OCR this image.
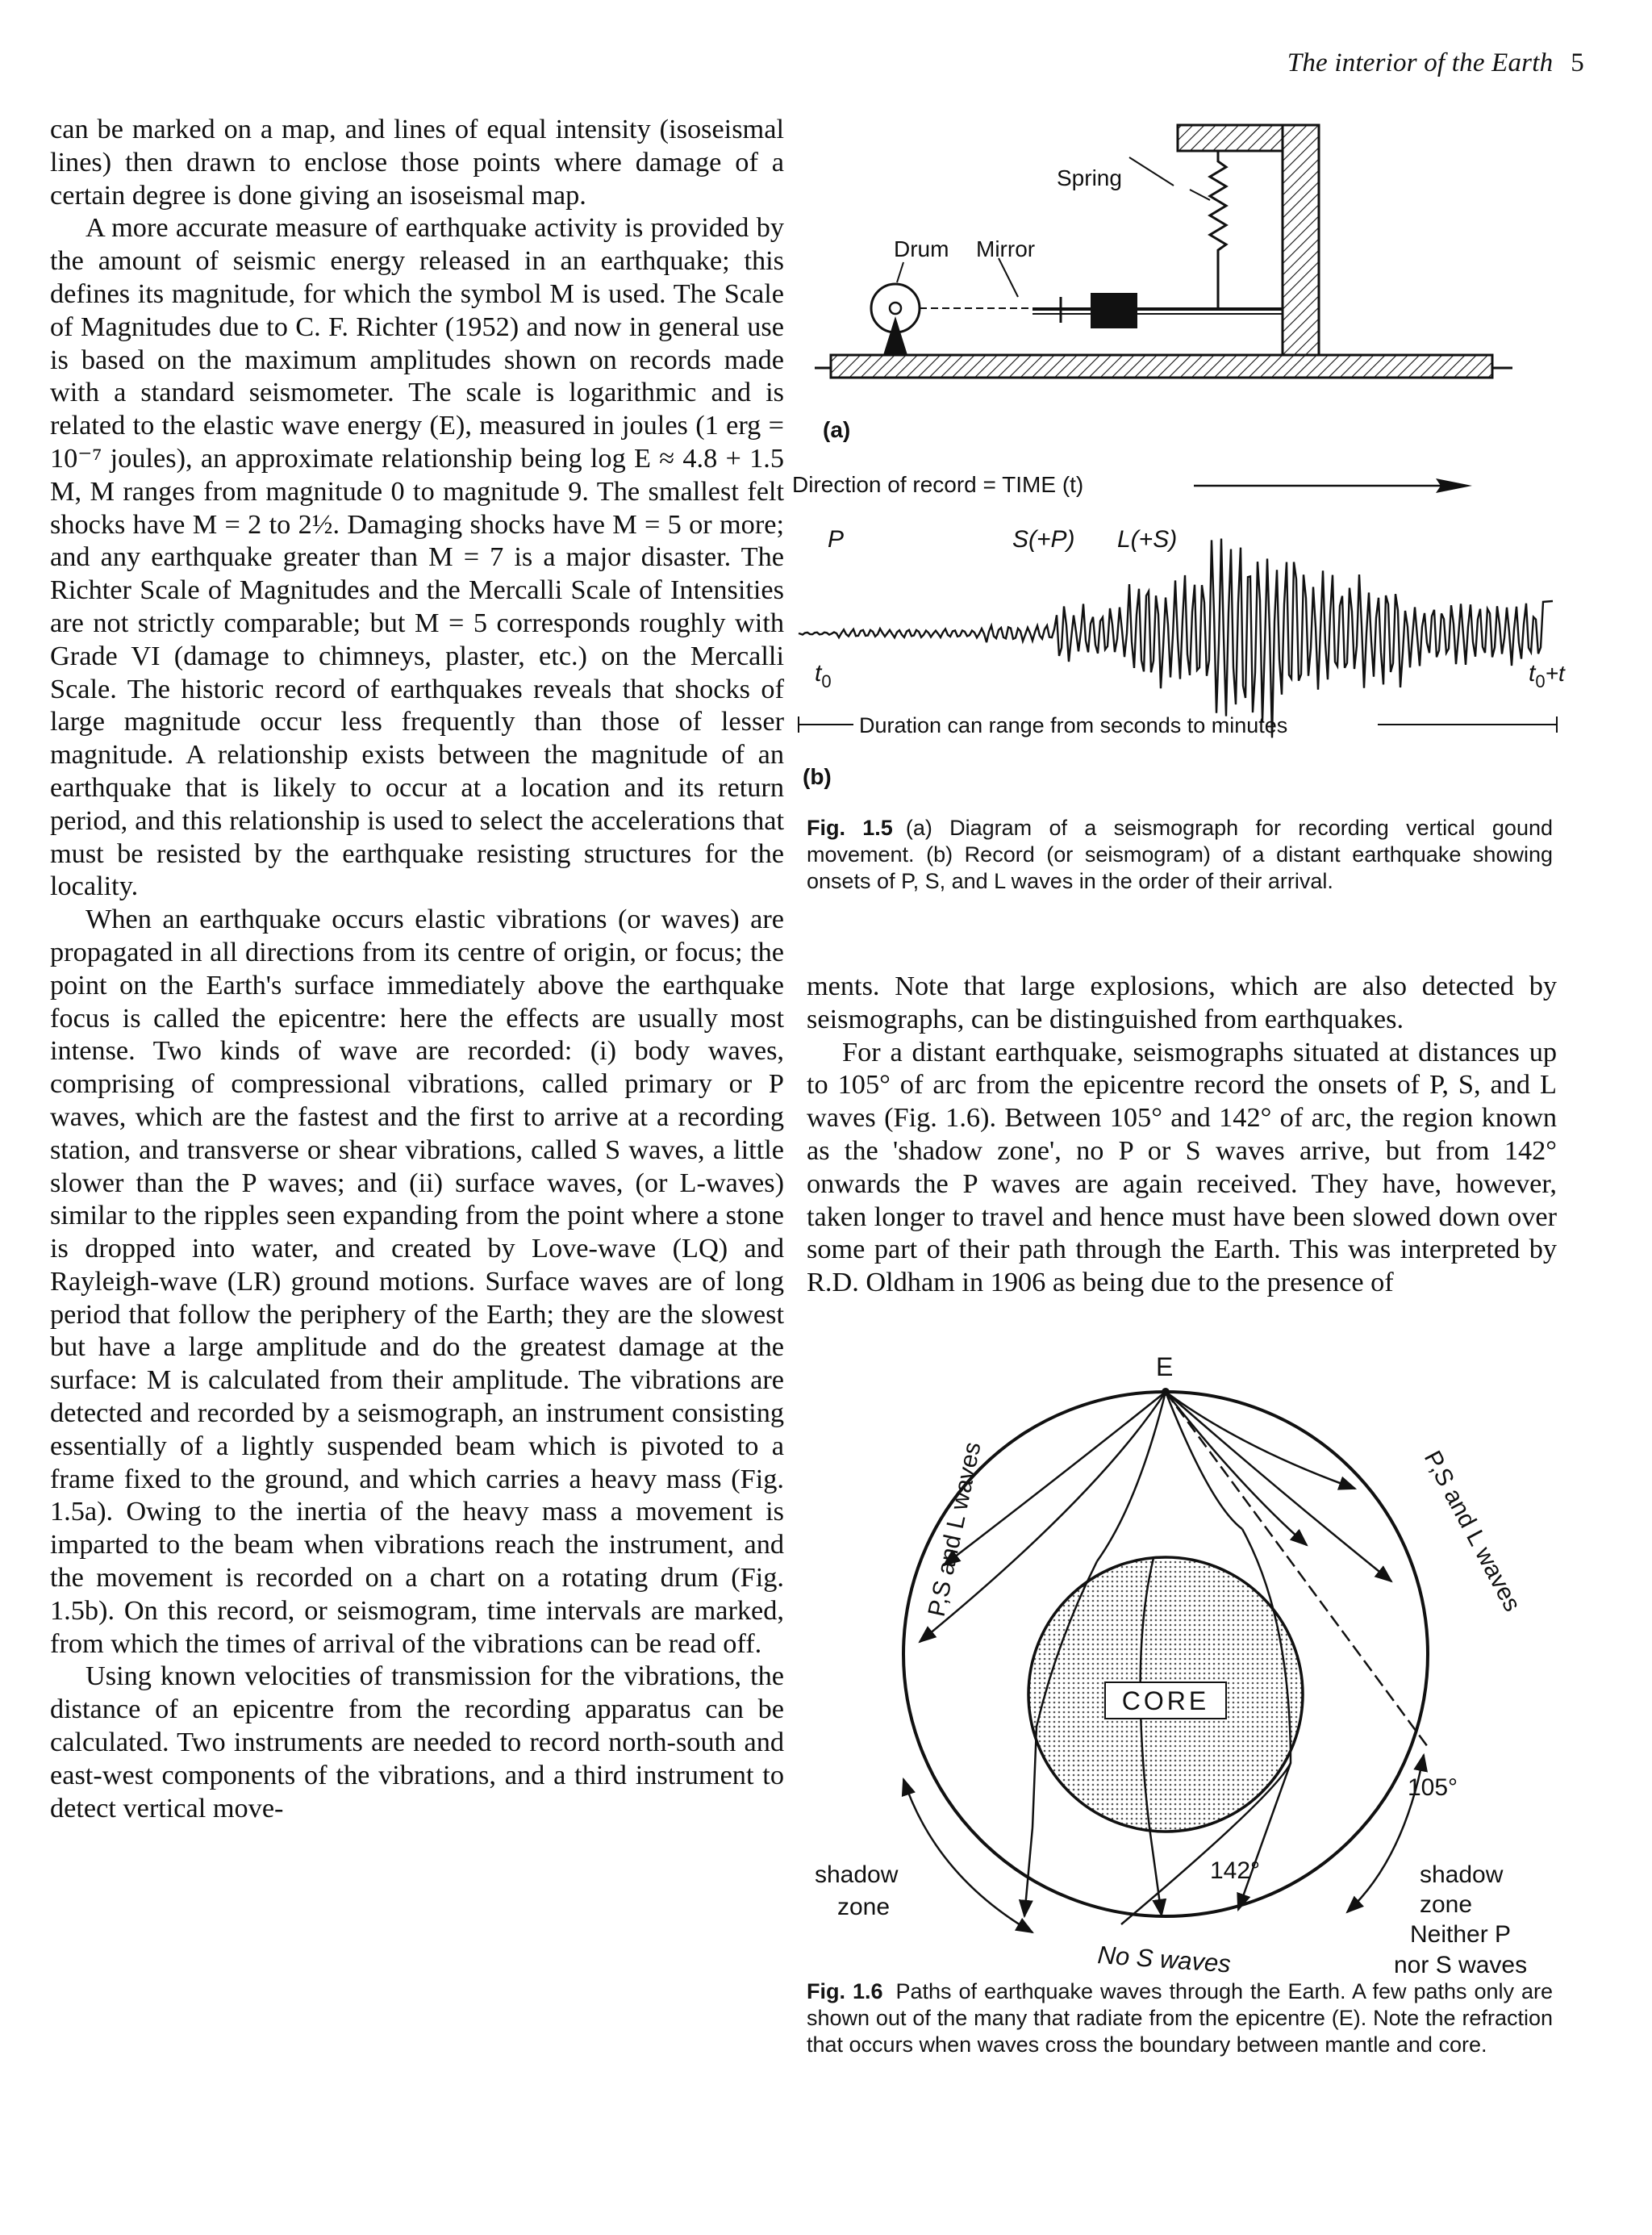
The interior of the Earth 5

can be marked on a map, and lines of equal intensity (isoseismal lines) then drawn to enclose those points where damage of a certain degree is done giving an isoseismal map.

A more accurate measure of earthquake activity is provided by the amount of seismic energy released in an earthquake; this defines its magnitude, for which the symbol M is used. The Scale of Magnitudes due to C. F. Richter (1952) and now in general use is based on the maximum amplitudes shown on records made with a standard seismometer. The scale is logarithmic and is related to the elastic wave energy (E), measured in joules (1 erg = 10⁻⁷ joules), an approximate relationship being log E ≈ 4.8 + 1.5 M, M ranges from magnitude 0 to magnitude 9. The smallest felt shocks have M = 2 to 2½. Damaging shocks have M = 5 or more; and any earthquake greater than M = 7 is a major disaster. The Richter Scale of Magnitudes and the Mercalli Scale of Intensities are not strictly comparable; but M = 5 corresponds roughly with Grade VI (damage to chimneys, plaster, etc.) on the Mercalli Scale. The historic record of earthquakes reveals that shocks of large magnitude occur less frequently than those of lesser magnitude. A relationship exists between the magnitude of an earthquake that is likely to occur at a location and its return period, and this relationship is used to select the accelerations that must be resisted by the earthquake resisting structures for the locality.

When an earthquake occurs elastic vibrations (or waves) are propagated in all directions from its centre of origin, or focus; the point on the Earth's surface immediately above the earthquake focus is called the epicentre: here the effects are usually most intense. Two kinds of wave are recorded: (i) body waves, comprising of compressional vibrations, called primary or P waves, which are the fastest and the first to arrive at a recording station, and transverse or shear vibrations, called S waves, a little slower than the P waves; and (ii) surface waves, (or L-waves) similar to the ripples seen expanding from the point where a stone is dropped into water, and created by Love-wave (LQ) and Rayleigh-wave (LR) ground motions. Surface waves are of long period that follow the periphery of the Earth; they are the slowest but have a large amplitude and do the greatest damage at the surface: M is calculated from their amplitude. The vibrations are detected and recorded by a seismograph, an instrument consisting essentially of a lightly suspended beam which is pivoted to a frame fixed to the ground, and which carries a heavy mass (Fig. 1.5a). Owing to the inertia of the heavy mass a movement is imparted to the beam when vibrations reach the instrument, and the movement is recorded on a chart on a rotating drum (Fig. 1.5b). On this record, or seismogram, time intervals are marked, from which the times of arrival of the vibrations can be read off.

Using known velocities of transmission for the vibrations, the distance of an epicentre from the recording apparatus can be calculated. Two instruments are needed to record north-south and east-west components of the vibrations, and a third instrument to detect vertical move-

Spring
Drum Mirror
(a)
Direction of record = TIME (t)
P	S(+P) L(+S)
$t_0$	$t_0+t$
Duration can range from seconds to minutes
(b)
Fig. 1.5 (a) Diagram of a seismograph for recording vertical gound movement. (b) Record (or seismogram) of a distant earthquake showing onsets of P, S, and L waves in the order of their arrival.

ments. Note that large explosions, which are also detected by seismographs, can be distinguished from earthquakes.

For a distant earthquake, seismographs situated at distances up to 105° of arc from the epicentre record the onsets of P, S, and L waves (Fig. 1.6). Between 105° and 142° of arc, the region known as the 'shadow zone', no P or S waves arrive, but from 142° onwards the P waves are again received. They have, however, taken longer to travel and hence must have been slowed down over some part of their path through the Earth. This was interpreted by R.D. Oldham in 1906 as being due to the presence of

E
CORE
P,S and L waves	P,S and L waves
105°
142°
shadow
zone
shadow
zone
Neither P
nor S waves
No S waves
Fig. 1.6 Paths of earthquake waves through the Earth. A few paths only are shown out of the many that radiate from the epicentre (E). Note the refraction that occurs when waves cross the boundary between mantle and core.
